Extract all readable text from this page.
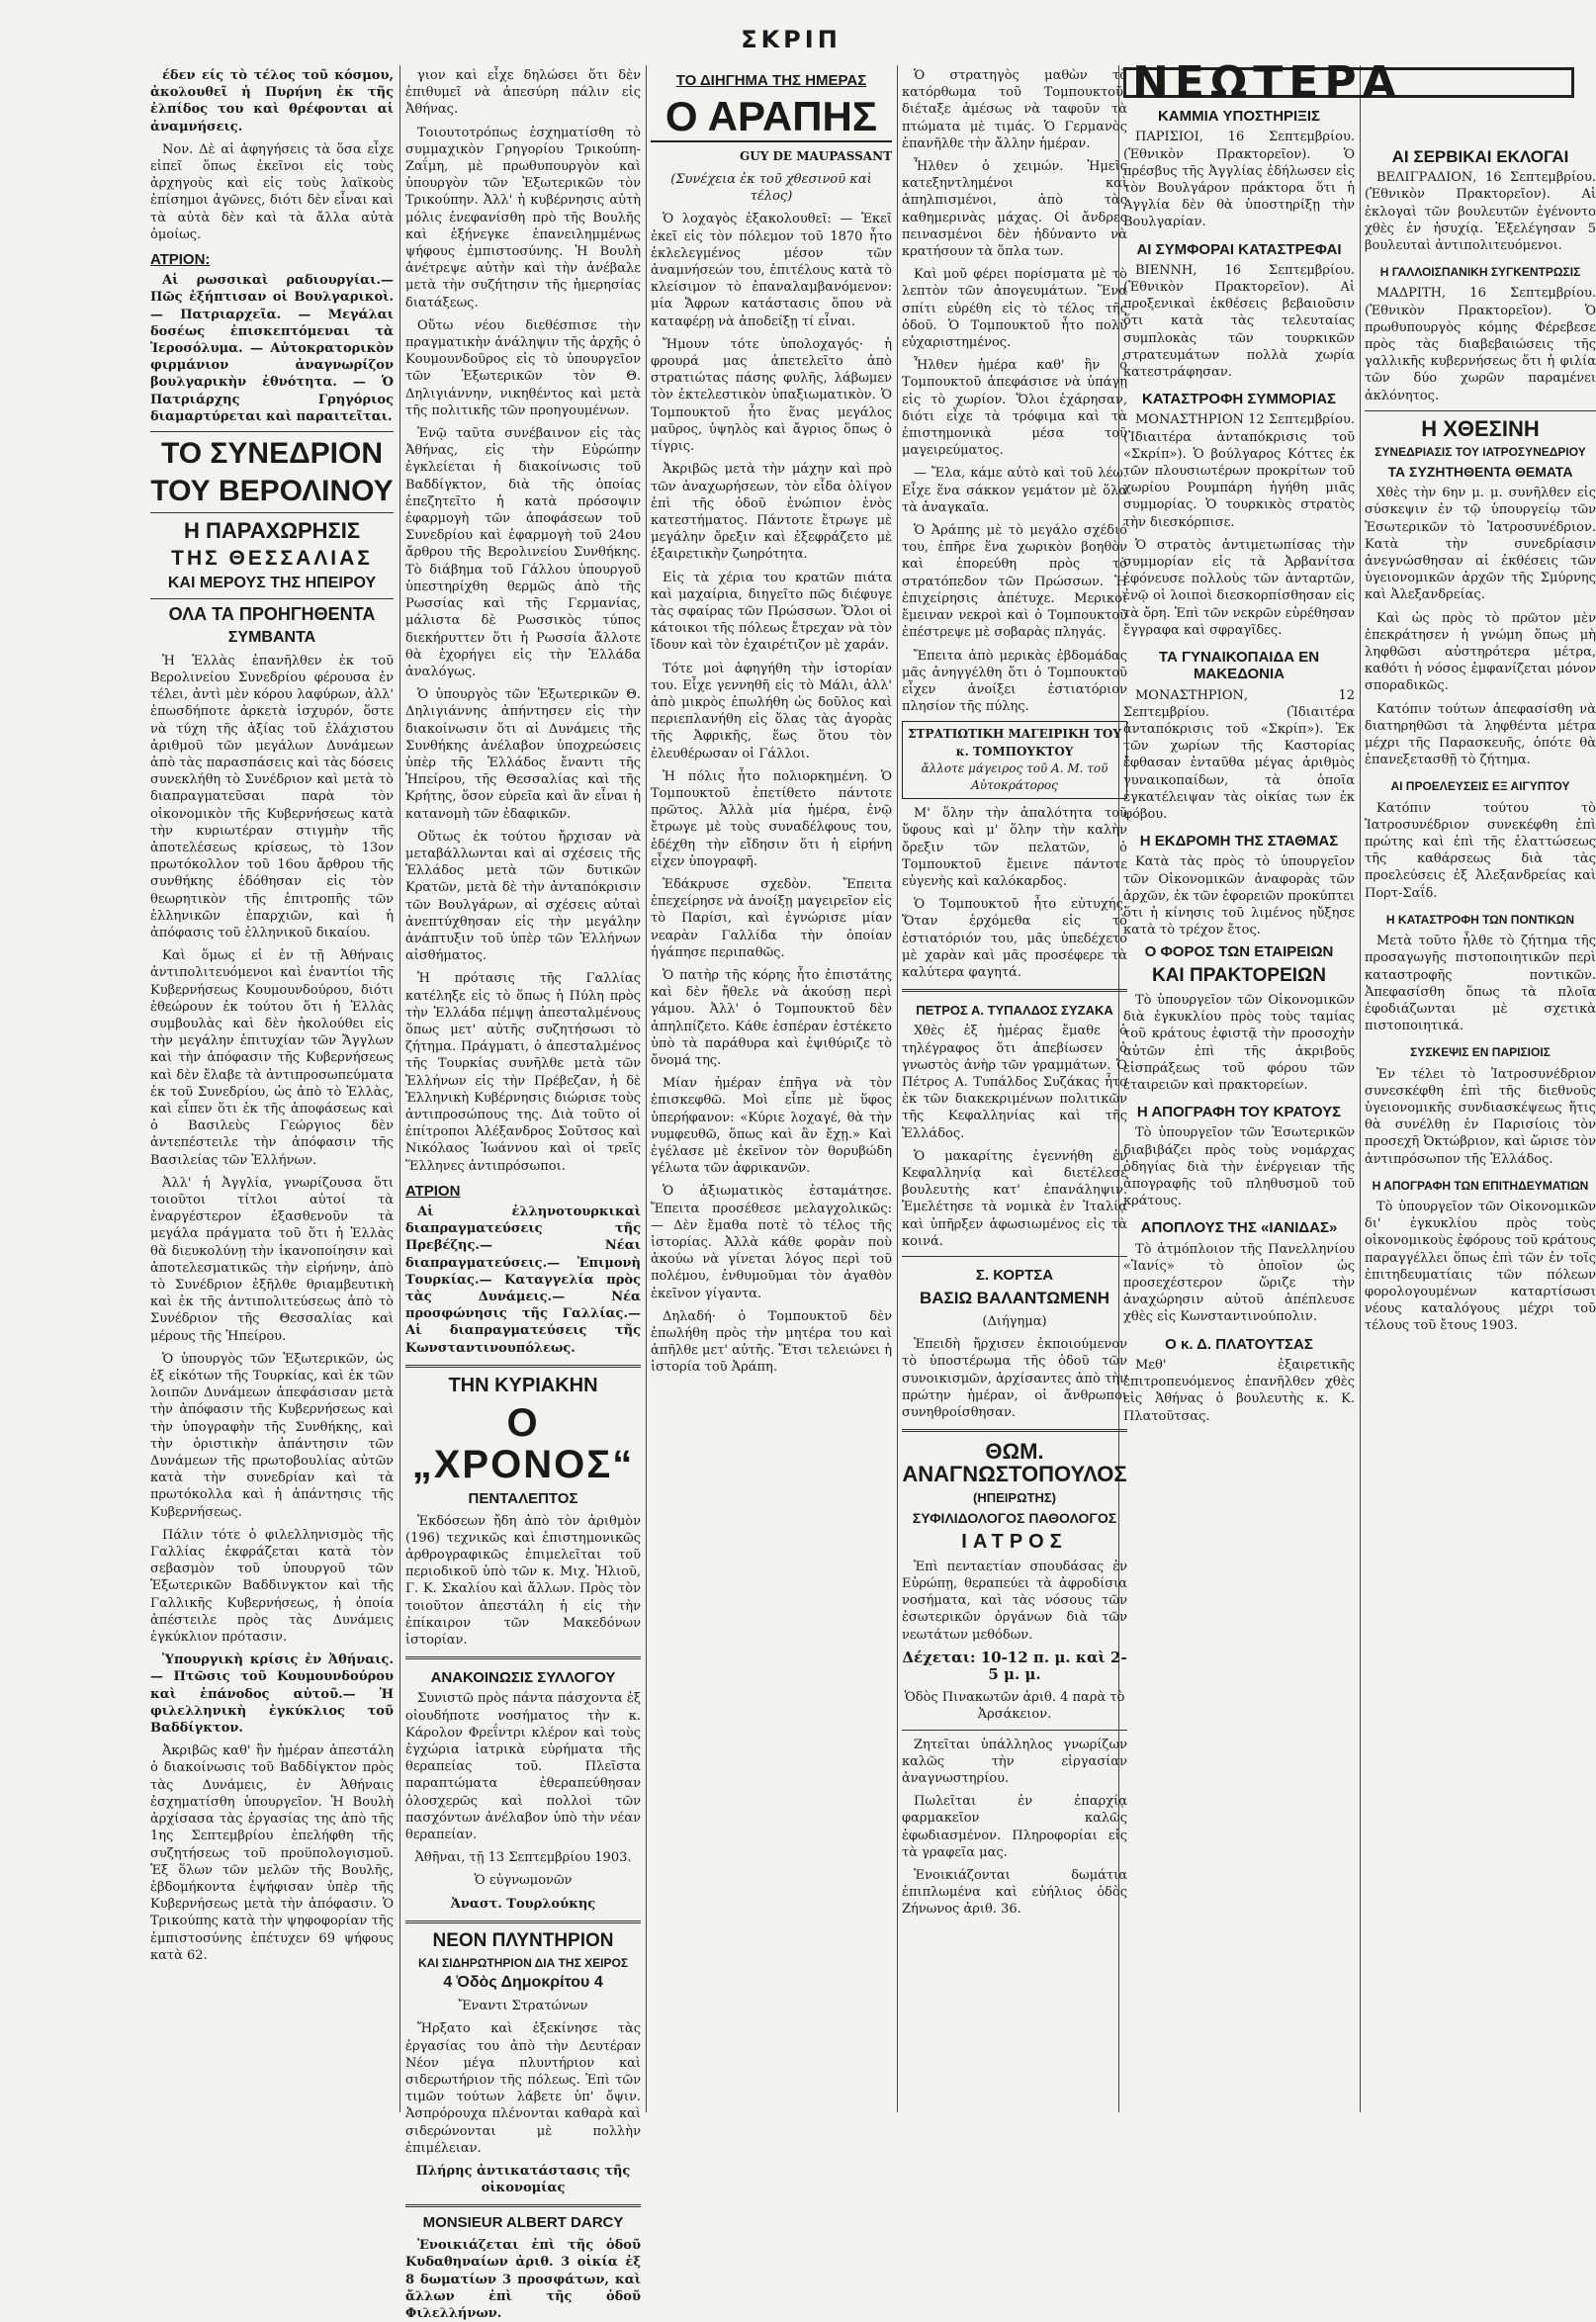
ΣΚΡΙΠ

έδεν είς τὸ τέλος τοῦ κόσμου, ἀκολουθεῖ ἡ Πυρήνη ἐκ τῆς ἐλπίδος του καὶ θρέφονται αἱ ἀναμνήσεις.

Νον. Δὲ αἱ ἀφηγήσεις τὰ ὅσα εἶχε εἰπεῖ ὅπως ἐκεῖνοι εἰς τοὺς ἀρχηγοὺς καὶ εἰς τοὺς λαϊκοὺς ἐπίσημοι ἀγῶνες, διότι δὲν εἶναι καὶ τὰ αὐτὰ δὲν καὶ τὰ ἄλλα αὐτὰ ὁμοίως.

ΑΤΡΙΟΝ:

Αἱ ρωσσικαὶ ραδιουργίαι.— Πῶς ἐξήπτισαν οἱ Βουλγαρικοὶ. — Πατριαρχεῖα. — Μεγάλαι δοσέως ἐπισκεπτόμεναι τὰ Ἱεροσόλυμα. — Αὐτοκρατορικὸν φιρμάνιον ἀναγνωρίζον βουλγαρικὴν ἐθνότητα. — Ὁ Πατριάρχης Γρηγόριος διαμαρτύρεται καὶ παραιτεῖται.

ΤΟ ΣΥΝΕΔΡΙΟΝ
ΤΟΥ ΒΕΡΟΛΙΝΟΥ
Η ΠΑΡΑΧΩΡΗΣΙΣ
ΤΗΣ ΘΕΣΣΑΛΙΑΣ
ΚΑΙ ΜΕΡΟΥΣ ΤΗΣ ΗΠΕΙΡΟΥ
ΟΛΑ ΤΑ ΠΡΟΗΓΗΘΕΝΤΑ
ΣΥΜΒΑΝΤΑ

Ἡ Ἑλλὰς ἐπανῆλθεν ἐκ τοῦ Βερολινείου Συνεδρίου φέρουσα ἐν τέλει, ἀντὶ μὲν κόρου λαφύρων, ἀλλ' ἐπωσδήποτε ἀρκετὰ ἰσχυρόν, ὅστε νὰ τύχη τῆς ἀξίας τοῦ ἐλάχιστου ἀριθμοῦ τῶν μεγάλων Δυνάμεων ἀπὸ τὰς παρασπάσεις καὶ τὰς δόσεις συνεκλήθη τὸ Συνέδριον καὶ μετὰ τὸ διαπραγματεῦσαι παρὰ τὸν οἰκονομικὸν τῆς Κυβερνήσεως κατὰ τὴν κυριωτέραν στιγμὴν τῆς ἀποτελέσεως κρίσεως, τὸ 13ον πρωτόκολλον τοῦ 16ου ἄρθρου τῆς συνθήκης ἐδόθησαν εἰς τὸν θεωρητικὸν τῆς ἐπιτροπῆς τῶν ἑλληνικῶν ἐπαρχιῶν, καὶ ἡ ἀπόφασις τοῦ ἐλληνικοῦ δικαίου.

Καὶ ὅμως εἰ ἐν τῇ Ἀθήναις ἀντιπολιτευόμενοι καὶ ἐναντίοι τῆς Κυβερνήσεως Κουμουνδούρου, διότι ἐθεώρουν ἐκ τούτου ὅτι ἡ Ἑλλὰς συμβουλὰς καὶ δὲν ἠκολούθει εἰς τὴν μεγάλην ἐπιτυχίαν τῶν Ἄγγλων καὶ τὴν ἀπόφασιν τῆς Κυβερνήσεως καὶ δὲν ἔλαβε τὰ ἀντιπροσωπεύματα ἐκ τοῦ Συνεδρίου, ὡς ἀπὸ τὸ Ἑλλὰς, καὶ εἶπεν ὅτι ἐκ τῆς ἀποφάσεως καὶ ὁ Βασιλεὺς Γεώργιος δὲν ἀντεπέστειλε τὴν ἀπόφασιν τῆς Βασιλείας τῶν Ἑλλήνων.

Ἀλλ' ἡ Ἀγγλία, γνωρίζουσα ὅτι τοιοῦτοι τίτλοι αὐτοί τὰ ἐναργέστερον ἐξασθενοῦν τὰ μεγάλα πράγματα τοῦ ὅτι ἡ Ἑλλὰς θὰ διευκολύνῃ τὴν ἱκανοποίησιν καὶ ἀποτελεσματικῶς τὴν εἰρήνην, ἀπὸ τὸ Συνέδριον ἐξῆλθε θριαμβευτικὴ καὶ ἐκ τῆς ἀντιπολιτεύσεως ἀπὸ τὸ Συνέδριον τῆς Θεσσαλίας καὶ μέρους τῆς Ἠπείρου.

Ὁ ὑπουργὸς τῶν Ἐξωτερικῶν, ὡς ἐξ εἰκότων τῆς Τουρκίας, καὶ ἐκ τῶν λοιπῶν Δυνάμεων ἀπεφάσισαν μετὰ τὴν ἀπόφασιν τῆς Κυβερνήσεως καὶ τὴν ὑπογραφὴν τῆς Συνθήκης, καὶ τὴν ὁριστικὴν ἀπάντησιν τῶν Δυνάμεων τῆς πρωτοβουλίας αὐτῶν κατὰ τὴν συνεδρίαν καὶ τὰ πρωτόκολλα καὶ ἡ ἀπάντησις τῆς Κυβερνήσεως.

Πάλιν τότε ὁ φιλελληνισμὸς τῆς Γαλλίας ἐκφράζεται κατὰ τὸν σεβασμὸν τοῦ ὑπουργοῦ τῶν Ἐξωτερικῶν Βαδδινγκτον καὶ τῆς Γαλλικῆς Κυβερνήσεως, ἡ ὁποία ἀπέστειλε πρὸς τὰς Δυνάμεις ἐγκύκλιον πρότασιν.

Ὑπουργικὴ κρίσις ἐν Ἀθήναις.— Πτῶσις τοῦ Κουμουνδούρου καὶ ἐπάνοδος αὐτοῦ.— Ἡ φιλελληνικὴ ἐγκύκλιος τοῦ Βαδδίγκτον.

Ἀκριβῶς καθ' ἣν ἡμέραν ἀπεστάλη ὁ διακοίνωσις τοῦ Βαδδίγκτον πρὸς τὰς Δυνάμεις, ἐν Ἀθήναις ἐσχηματίσθη ὑπουργεῖον. Ἡ Βουλὴ ἀρχίσασα τὰς ἐργασίας της ἀπὸ τῆς 1ης Σεπτεμβρίου ἐπελήφθη τῆς συζητήσεως τοῦ προϋπολογισμοῦ. Ἐξ ὅλων τῶν μελῶν τῆς Βουλῆς, ἑβδομήκοντα ἐψήφισαν ὑπὲρ τῆς Κυβερνήσεως μετὰ τὴν ἀπόφασιν. Ὁ Τρικούπης κατὰ τὴν ψηφοφορίαν τῆς ἐμπιστοσύνης ἐπέτυχεν 69 ψήφους κατὰ 62.

γιον καὶ εἶχε δηλώσει ὅτι δὲν ἐπιθυμεῖ νὰ ἀπεσύρη πάλιν εἰς Ἀθήνας.

Τοιουτοτρόπως ἐσχηματίσθη τὸ συμμαχικὸν Γρηγορίου Τρικούπη-Ζαΐμη, μὲ πρωθυπουργὸν καὶ ὑπουργὸν τῶν Ἐξωτερικῶν τὸν Τρικούπην. Ἀλλ' ἡ κυβέρνησις αὐτὴ μόλις ἐνεφανίσθη πρὸ τῆς Βουλῆς καὶ ἐξήνεγκε ἐπανειλημμένως ψήφους ἐμπιστοσύνης. Ἡ Βουλὴ ἀνέτρεψε αὐτὴν καὶ τὴν ἀνέβαλε μετὰ τὴν συζήτησιν τῆς ἡμερησίας διατάξεως.

Οὕτω νέου διεθέσπισε τὴν πραγματικὴν ἀνάληψιν τῆς ἀρχῆς ὁ Κουμουνδοῦρος εἰς τὸ ὑπουργεῖον τῶν Ἐξωτερικῶν τὸν Θ. Δηλιγιάννην, νικηθέντος καὶ μετὰ τῆς πολιτικῆς τῶν προηγουμένων.

Ἐνῷ ταῦτα συνέβαινον εἰς τὰς Ἀθήνας, εἰς τὴν Εὐρώπην ἐγκλείεται ἡ διακοίνωσις τοῦ Βαδδίγκτον, διὰ τῆς ὁποίας ἐπεζητεῖτο ἡ κατὰ πρόσοψιν ἐφαρμογὴ τῶν ἀποφάσεων τοῦ Συνεδρίου καὶ ἐφαρμογὴ τοῦ 24ου ἄρθρου τῆς Βερολινείου Συνθήκης. Τὸ διάβημα τοῦ Γάλλου ὑπουργοῦ ὑπεστηρίχθη θερμῶς ἀπὸ τῆς Ρωσσίας καὶ τῆς Γερμανίας, μάλιστα δὲ Ρωσσικὸς τύπος διεκήρυττεν ὅτι ἡ Ρωσσία ἄλλοτε θὰ ἐχορήγει εἰς τὴν Ἑλλάδα ἀναλόγως.

Ὁ ὑπουργὸς τῶν Ἐξωτερικῶν Θ. Δηλιγιάννης ἀπήντησεν εἰς τὴν διακοίνωσιν ὅτι αἱ Δυνάμεις τῆς Συνθήκης ἀνέλαβον ὑποχρεώσεις ὑπὲρ τῆς Ἑλλάδος ἔναντι τῆς Ἡπείρου, τῆς Θεσσαλίας καὶ τῆς Κρήτης, ὅσον εὐρεῖα καὶ ἂν εἶναι ἡ κατανομὴ τῶν ἐδαφικῶν.

Οὕτως ἐκ τούτου ἤρχισαν νὰ μεταβάλλωνται καὶ αἱ σχέσεις τῆς Ἑλλάδος μετὰ τῶν δυτικῶν Κρατῶν, μετὰ δὲ τὴν ἀνταπόκρισιν τῶν Βουλγάρων, αἱ σχέσεις αὐταὶ ἀνεπτύχθησαν εἰς τὴν μεγάλην ἀνάπτυξιν τοῦ ὑπὲρ τῶν Ἑλλήνων αἰσθήματος.

Ἡ πρότασις τῆς Γαλλίας κατέληξε εἰς τὸ ὅπως ἡ Πύλη πρὸς τὴν Ἑλλάδα πέμψῃ ἀπεσταλμένους ὅπως μετ' αὐτῆς συζητήσωσι τὸ ζήτημα. Πράγματι, ὁ ἀπεσταλμένος τῆς Τουρκίας συνῆλθε μετὰ τῶν Ἑλλήνων εἰς τὴν Πρέβεζαν, ἡ δὲ Ἑλληνικὴ Κυβέρνησις διώρισε τοὺς ἀντιπροσώπους της. Διὰ τοῦτο οἱ ἐπίτροποι Ἀλέξανδρος Σοῦτσος καὶ Νικόλαος Ἰωάννου καὶ οἱ τρεῖς Ἕλληνες ἀντιπρόσωποι.

ΑΤΡΙΟΝ

Αἱ ἑλληνοτουρκικαὶ διαπραγματεύσεις τῆς Πρεβέζης.— Νέαι διαπραγματεύσεις.— Ἐπιμονὴ Τουρκίας.— Καταγγελία πρὸς τὰς Δυνάμεις.— Νέα προσφώνησις τῆς Γαλλίας.— Αἱ διαπραγματεύσεις τῆς Κωνσταντινουπόλεως.

ΤΗΝ ΚΥΡΙΑΚΗΝ
Ο „ΧΡΟΝΟΣ“
ΠΕΝΤΑΛΕΠΤΟΣ

Ἐκδόσεων ἤδη ἀπὸ τὸν ἀριθμὸν (196) τεχνικῶς καὶ ἐπιστημονικῶς ἀρθρογραφικῶς ἐπιμελεῖται τοῦ περιοδικοῦ ὑπὸ τῶν κ. Μιχ. Ἠλιοῦ, Γ. Κ. Σκαλίου καὶ ἄλλων. Πρὸς τὸν τοιοῦτον ἀπεστάλη ἡ εἰς τὴν ἐπίκαιρον τῶν Μακεδόνων ἱστορίαν.

ΑΝΑΚΟΙΝΩΣΙΣ ΣΥΛΛΟΓΟΥ

Συνιστῶ πρὸς πάντα πάσχοντα ἐξ οἱουδήποτε νοσήματος τὴν κ. Κάρολον Φρεΐντρι κλέρον καὶ τοὺς ἐγχώρια ἰατρικὰ εὐρήματα τῆς θεραπείας τοῦ. Πλεῖστα παραπτώματα ἐθεραπεύθησαν ὁλοσχερῶς καὶ πολλοὶ τῶν πασχόντων ἀνέλαβον ὑπὸ τὴν νέαν θεραπείαν.

Ἀθῆναι, τῇ 13 Σεπτεμβρίου 1903.

Ὁ εὐγνωμονῶν

Ἀναστ. Τουρλούκης

ΝΕΟΝ ΠΛΥΝΤΗΡΙΟΝ
ΚΑΙ ΣΙΔΗΡΩΤΗΡΙΟΝ ΔΙΑ ΤΗΣ ΧΕΙΡΟΣ
4 Ὁδὸς Δημοκρίτου 4

Ἔναντι Στρατώνων

Ἤρξατο καὶ ἐξεκίνησε τὰς ἐργασίας του ἀπὸ τὴν Δευτέραν Νέον μέγα πλυντήριον καὶ σιδερωτήριον τῆς πόλεως. Ἐπὶ τῶν τιμῶν τούτων λάβετε ὑπ' ὄψιν. Ἀσπρόρουχα πλένονται καθαρὰ καὶ σιδερώνονται μὲ πολλὴν ἐπιμέλειαν.

Πλήρης ἀντικατάστασις τῆς οἰκονομίας

MONSIEUR ALBERT DARCY

Ἐνοικιάζεται ἐπὶ τῆς ὁδοῦ Κυδαθηναίων ἀριθ. 3 οἰκία ἐξ 8 δωματίων 3 προσφάτων, καὶ ἄλλων ἐπὶ τῆς ὁδοῦ Φιλελλήνων.

ΤΟ ΔΙΗΓΗΜΑ ΤΗΣ ΗΜΕΡΑΣ
Ο ΑΡΑΠΗΣ

GUY DE MAUPASSANT

(Συνέχεια ἐκ τοῦ χθεσινοῦ καὶ τέλος)

Ὁ λοχαγὸς ἐξακολουθεῖ: — Ἐκεῖ ἐκεῖ εἰς τὸν πόλεμον τοῦ 1870 ἦτο ἐκλελεγμένος μέσον τῶν ἀναμνήσεών του, ἐπιτέλους κατὰ τὸ κλείσιμον τὸ ἐπαναλαμβανόμενον: μία Ἄφρων κατάστασις ὅπου νὰ καταφέρῃ νὰ ἀποδείξῃ τί εἶναι.

Ἤμουν τότε ὑπολοχαγός· ἡ φρουρά μας ἀπετελεῖτο ἀπὸ στρατιώτας πάσης φυλῆς, λάβωμεν τὸν ἐκτελεστικὸν ὑπαξιωματικὸν. Ὁ Τομπουκτοῦ ἦτο ἕνας μεγάλος μαῦρος, ὑψηλὸς καὶ ἄγριος ὅπως ὁ τίγρις.

Ἀκριβῶς μετὰ τὴν μάχην καὶ πρὸ τῶν ἀναχωρήσεων, τὸν εἶδα ὁλίγον ἐπὶ τῆς ὁδοῦ ἐνώπιον ἑνὸς κατεστήματος. Πάντοτε ἔτρωγε μὲ μεγάλην ὄρεξιν καὶ ἐξεφράζετο μὲ ἐξαιρετικὴν ζωηρότητα.

Εἰς τὰ χέρια του κρατῶν πιάτα καὶ μαχαίρια, διηγεῖτο πῶς διέφυγε τὰς σφαίρας τῶν Πρώσσων. Ὅλοι οἱ κάτοικοι τῆς πόλεως ἔτρεχαν νὰ τὸν ἴδουν καὶ τὸν ἐχαιρέτιζον μὲ χαράν.

Τότε μοὶ ἀφηγήθη τὴν ἱστορίαν του. Εἶχε γεννηθῆ εἰς τὸ Μάλι, ἀλλ' ἀπὸ μικρὸς ἐπωλήθη ὡς δοῦλος καὶ περιεπλανήθη εἰς ὅλας τὰς ἀγορὰς τῆς Ἀφρικῆς, ἕως ὅτου τὸν ἐλευθέρωσαν οἱ Γάλλοι.

Ἡ πόλις ἦτο πολιορκημένη. Ὁ Τομπουκτοῦ ἐπετίθετο πάντοτε πρῶτος. Ἀλλὰ μία ἡμέρα, ἐνῷ ἔτρωγε μὲ τοὺς συναδέλφους του, ἐδέχθη τὴν εἴδησιν ὅτι ἡ εἰρήνη εἶχεν ὑπογραφῆ.

Ἐδάκρυσε σχεδὸν. Ἔπειτα ἐπεχείρησε νὰ ἀνοίξῃ μαγειρεῖον εἰς τὸ Παρίσι, καὶ ἐγνώρισε μίαν νεαρὰν Γαλλίδα τὴν ὁποίαν ἠγάπησε περιπαθῶς.

Ὁ πατὴρ τῆς κόρης ἦτο ἐπιστάτης καὶ δὲν ἤθελε νὰ ἀκούσῃ περὶ γάμου. Ἀλλ' ὁ Τομπουκτοῦ δὲν ἀπηλπίζετο. Κάθε ἑσπέραν ἐστέκετο ὑπὸ τὰ παράθυρα καὶ ἐψιθύριζε τὸ ὄνομά της.

Μίαν ἡμέραν ἐπῆγα νὰ τὸν ἐπισκεφθῶ. Μοὶ εἶπε μὲ ὕφος ὑπερήφανον: «Κύριε λοχαγέ, θὰ τὴν νυμφευθῶ, ὅπως καὶ ἂν ἔχῃ.» Καὶ ἐγέλασε μὲ ἐκεῖνον τὸν θορυβώδη γέλωτα τῶν ἀφρικανῶν.

Ὁ ἀξιωματικὸς ἐσταμάτησε. Ἔπειτα προσέθεσε μελαγχολικῶς: — Δὲν ἔμαθα ποτὲ τὸ τέλος τῆς ἱστορίας. Ἀλλὰ κάθε φορὰν ποὺ ἀκούω νὰ γίνεται λόγος περὶ τοῦ πολέμου, ἐνθυμοῦμαι τὸν ἀγαθὸν ἐκεῖνον γίγαντα.

Δηλαδή· ὁ Τομπουκτοῦ δὲν ἐπωλήθη πρὸς τὴν μητέρα του καὶ ἀπῆλθε μετ' αὐτῆς. Ἔτσι τελειώνει ἡ ἱστορία τοῦ Ἀράπη.

Ὁ στρατηγὸς μαθὼν τὸ κατόρθωμα τοῦ Τομπουκτοῦ, διέταξε ἀμέσως νὰ ταφοῦν τὰ πτώματα μὲ τιμάς. Ὁ Γερμανὸς ἐπανῆλθε τὴν ἄλλην ἡμέραν.

Ἦλθεν ὁ χειμών. Ἡμεῖς κατεξηντλημένοι καὶ ἀπηλπισμένοι, ἀπὸ τὰς καθημερινὰς μάχας. Οἱ ἄνδρες πεινασμένοι δὲν ἠδύναντο νὰ κρατήσουν τὰ ὅπλα των.

Καὶ μοῦ φέρει πορίσματα μὲ τὸ λεπτὸν τῶν ἀπογευμάτων. Ἕνα σπίτι εὑρέθη εἰς τὸ τέλος τῆς ὁδοῦ. Ὁ Τομπουκτοῦ ἦτο πολὺ εὐχαριστημένος.

Ἦλθεν ἡμέρα καθ' ἣν ὁ Τομπουκτοῦ ἀπεφάσισε νὰ ὑπάγῃ εἰς τὸ χωρίον. Ὅλοι ἐχάρησαν, διότι εἶχε τὰ τρόφιμα καὶ τὰ ἐπιστημονικὰ μέσα τοῦ μαγειρεύματος.

— Ἔλα, κάμε αὐτὸ καὶ τοῦ λέω. Εἶχε ἕνα σάκκον γεμάτον μὲ ὅλα τὰ ἀναγκαῖα.

Ὁ Ἀράπης μὲ τὸ μεγάλο σχέδιό του, ἐπῆρε ἕνα χωρικὸν βοηθὸν καὶ ἐπορεύθη πρὸς τὸ στρατόπεδον τῶν Πρώσσων. Ἡ ἐπιχείρησις ἀπέτυχε. Μερικοὶ ἔμειναν νεκροὶ καὶ ὁ Τομπουκτοῦ ἐπέστρεψε μὲ σοβαρὰς πληγάς.

Ἔπειτα ἀπὸ μερικὰς ἑβδομάδας μᾶς ἀνηγγέλθη ὅτι ὁ Τομπουκτοῦ εἶχεν ἀνοίξει ἐστιατόριον πλησίον τῆς πύλης.

ΣΤΡΑΤΙΩΤΙΚΗ ΜΑΓΕΙΡΙΚΗ ΤΟΥ κ. ΤΟΜΠΟΥΚΤΟΥ
ἄλλοτε μάγειρος τοῦ Α. Μ. τοῦ Αὐτοκράτορος

Μ' ὅλην τὴν ἀπαλότητα τοῦ ὕφους καὶ μ' ὅλην τὴν καλὴν ὄρεξιν τῶν πελατῶν, ὁ Τομπουκτοῦ ἔμεινε πάντοτε εὐγενὴς καὶ καλόκαρδος.

Ὁ Τομπουκτοῦ ἦτο εὐτυχής. Ὅταν ἐρχόμεθα εἰς τὸ ἐστιατόριόν του, μᾶς ὑπεδέχετο μὲ χαρὰν καὶ μᾶς προσέφερε τὰ καλύτερα φαγητά.

ΠΕΤΡΟΣ Α. ΤΥΠΑΛΔΟΣ ΣΥΖΑΚΑ

Χθὲς ἐξ ἡμέρας ἔμαθε ὁ τηλέγραφος ὅτι ἀπεβίωσεν ὁ γνωστὸς ἀνὴρ τῶν γραμμάτων. Ὁ Πέτρος Α. Τυπάλδος Συζάκας ἦτο ἐκ τῶν διακεκριμένων πολιτικῶν τῆς Κεφαλληνίας καὶ τῆς Ἑλλάδος.

Ὁ μακαρίτης ἐγεννήθη ἐν Κεφαλληνίᾳ καὶ διετέλεσε βουλευτὴς κατ' ἐπανάληψιν. Ἐμελέτησε τὰ νομικὰ ἐν Ἰταλίᾳ καὶ ὑπῆρξεν ἀφωσιωμένος εἰς τὰ κοινά.

Σ. ΚΟΡΤΣΑ
ΒΑΣΙΩ ΒΑΛΑΝΤΩΜΕΝΗ

(Διήγημα)

Ἐπειδὴ ἤρχισεν ἐκποιούμενον τὸ ὑποστέρωμα τῆς ὁδοῦ τῶν συνοικισμῶν, ἀρχίσαντες ἀπὸ τὴν πρώτην ἡμέραν, οἱ ἄνθρωποι συνηθροίσθησαν.

ΘΩΜ. ΑΝΑΓΝΩΣΤΟΠΟΥΛΟΣ
(ΗΠΕΙΡΩΤΗΣ)
ΣΥΦΙΛΙΔΟΛΟΓΟΣ ΠΑΘΟΛΟΓΟΣ
ΙΑΤΡΟΣ

Ἐπὶ πενταετίαν σπουδάσας ἐν Εὐρώπῃ, θεραπεύει τὰ ἀφροδίσια νοσήματα, καὶ τὰς νόσους τῶν ἐσωτερικῶν ὀργάνων διὰ τῶν νεωτάτων μεθόδων.

Δέχεται: 10-12 π. μ. καὶ 2-5 μ. μ.

Ὁδὸς Πινακωτῶν ἀριθ. 4 παρὰ τὸ Ἀρσάκειον.

Ζητεῖται ὑπάλληλος γνωρίζων καλῶς τὴν εἰργασίαν ἀναγνωστηρίου.

Πωλεῖται ἐν ἐπαρχίᾳ φαρμακεῖον καλῶς ἐφωδιασμένον. Πληροφορίαι εἰς τὰ γραφεῖα μας.

Ἐνοικιάζονται δωμάτια ἐπιπλωμένα καὶ εὐήλιος ὁδὸς Ζήνωνος ἀριθ. 36.

ΝΕΩΤΕΡΑ
ΚΑΜΜΙΑ ΥΠΟΣΤΗΡΙΞΙΣ

ΠΑΡΙΣΙΟΙ, 16 Σεπτεμβρίου. (Ἐθνικὸν Πρακτορεῖον). Ὁ πρέσβυς τῆς Ἀγγλίας ἐδήλωσεν εἰς τὸν Βουλγάρον πράκτορα ὅτι ἡ Ἀγγλία δὲν θὰ ὑποστηρίξῃ τὴν Βουλγαρίαν.

ΑΙ ΣΥΜΦΟΡΑΙ ΚΑΤΑΣΤΡΕΦΑΙ

ΒΙΕΝΝΗ, 16 Σεπτεμβρίου. (Ἐθνικὸν Πρακτορεῖον). Αἱ προξενικαὶ ἐκθέσεις βεβαιοῦσιν ὅτι κατὰ τὰς τελευταίας συμπλοκὰς τῶν τουρκικῶν στρατευμάτων πολλὰ χωρία κατεστράφησαν.

ΚΑΤΑΣΤΡΟΦΗ ΣΥΜΜΟΡΙΑΣ

ΜΟΝΑΣΤΗΡΙΟΝ 12 Σεπτεμβρίου. (Ἰδιαιτέρα ἀνταπόκρισις τοῦ «Σκρίπ»). Ὁ βούλγαρος Κόττες ἐκ τῶν πλουσιωτέρων προκρίτων τοῦ χωρίου Ρουμπάρη ἡγήθη μιᾶς συμμορίας. Ὁ τουρκικὸς στρατὸς τὴν διεσκόρπισε.

Ὁ στρατὸς ἀντιμετωπίσας τὴν συμμορίαν εἰς τὰ Ἀρβανίτσα ἐφόνευσε πολλοὺς τῶν ἀνταρτῶν, ἐνῷ οἱ λοιποὶ διεσκορπίσθησαν εἰς τὰ ὄρη. Ἐπὶ τῶν νεκρῶν εὑρέθησαν ἔγγραφα καὶ σφραγῖδες.

ΤΑ ΓΥΝΑΙΚΟΠΑΙΔΑ ΕΝ ΜΑΚΕΔΟΝΙΑ

ΜΟΝΑΣΤΗΡΙΟΝ, 12 Σεπτεμβρίου. (Ἰδιαιτέρα ἀνταπόκρισις τοῦ «Σκρίπ»). Ἐκ τῶν χωρίων τῆς Καστορίας ἔφθασαν ἐνταῦθα μέγας ἀριθμὸς γυναικοπαίδων, τὰ ὁποῖα ἐγκατέλειψαν τὰς οἰκίας των ἐκ φόβου.

Η ΕΚΔΡΟΜΗ ΤΗΣ ΣΤΑΘΜΑΣ

Κατὰ τὰς πρὸς τὸ ὑπουργεῖον τῶν Οἰκονομικῶν ἀναφορὰς τῶν ἀρχῶν, ἐκ τῶν ἐφορειῶν προκύπτει ὅτι ἡ κίνησις τοῦ λιμένος ηὔξησε κατὰ τὸ τρέχον ἔτος.

Ο ΦΟΡΟΣ ΤΩΝ ΕΤΑΙΡΕΙΩΝ
ΚΑΙ ΠΡΑΚΤΟΡΕΙΩΝ

Τὸ ὑπουργεῖον τῶν Οἰκονομικῶν διὰ ἐγκυκλίου πρὸς τοὺς ταμίας τοῦ κράτους ἐφιστᾷ τὴν προσοχὴν αὐτῶν ἐπὶ τῆς ἀκριβοῦς εἰσπράξεως τοῦ φόρου τῶν ἑταιρειῶν καὶ πρακτορείων.

Η ΑΠΟΓΡΑΦΗ ΤΟΥ ΚΡΑΤΟΥΣ

Τὸ ὑπουργεῖον τῶν Ἐσωτερικῶν διαβιβάζει πρὸς τοὺς νομάρχας ὁδηγίας διὰ τὴν ἐνέργειαν τῆς ἀπογραφῆς τοῦ πληθυσμοῦ τοῦ κράτους.

ΑΠΟΠΛΟΥΣ ΤΗΣ «ΙΑΝΙΔΑΣ»

Τὸ ἀτμόπλοιον τῆς Πανελληνίου «Ἰανίς» τὸ ὁποῖον ὡς προσεχέστερον ὥριζε τὴν ἀναχώρησιν αὐτοῦ ἀπέπλευσε χθὲς εἰς Κωνσταντινούπολιν.

Ο κ. Δ. ΠΛΑΤΟΥΤΣΑΣ

Μεθ' ἐξαιρετικῆς ἐπιτροπευόμενος ἐπανῆλθεν χθὲς εἰς Ἀθήνας ὁ βουλευτὴς κ. Κ. Πλατοῦτσας.

ΑΙ ΣΕΡΒΙΚΑΙ ΕΚΛΟΓΑΙ

ΒΕΛΙΓΡΑΔΙΟΝ, 16 Σεπτεμβρίου. (Ἐθνικὸν Πρακτορεῖον). Αἱ ἐκλογαὶ τῶν βουλευτῶν ἐγένοντο χθὲς ἐν ἡσυχίᾳ. Ἐξελέγησαν 5 βουλευταὶ ἀντιπολιτευόμενοι.

Η ΓΑΛΛΟΙΣΠΑΝΙΚΗ ΣΥΓΚΕΝΤΡΩΣΙΣ

ΜΑΔΡΙΤΗ, 16 Σεπτεμβρίου. (Ἐθνικὸν Πρακτορεῖον). Ὁ πρωθυπουργὸς κόμης Φέρεβεσε πρὸς τὰς διαβεβαιώσεις τῆς γαλλικῆς κυβερνήσεως ὅτι ἡ φιλία τῶν δύο χωρῶν παραμένει ἀκλόνητος.

Η ΧΘΕΣΙΝΗ
ΣΥΝΕΔΡΙΑΣΙΣ ΤΟΥ ΙΑΤΡΟΣΥΝΕΔΡΙΟΥ
ΤΑ ΣΥΖΗΤΗΘΕΝΤΑ ΘΕΜΑΤΑ

Χθὲς τὴν 6ην μ. μ. συνῆλθεν εἰς σύσκεψιν ἐν τῷ ὑπουργείῳ τῶν Ἐσωτερικῶν τὸ Ἰατροσυνέδριον. Κατὰ τὴν συνεδρίασιν ἀνεγνώσθησαν αἱ ἐκθέσεις τῶν ὑγειονομικῶν ἀρχῶν τῆς Σμύρνης καὶ Ἀλεξανδρείας.

Καὶ ὡς πρὸς τὸ πρῶτον μὲν ἐπεκράτησεν ἡ γνώμη ὅπως μὴ ληφθῶσι αὐστηρότερα μέτρα, καθότι ἡ νόσος ἐμφανίζεται μόνον σποραδικῶς.

Κατόπιν τούτων ἀπεφασίσθη νὰ διατηρηθῶσι τὰ ληφθέντα μέτρα μέχρι τῆς Παρασκευῆς, ὁπότε θὰ ἐπανεξετασθῇ τὸ ζήτημα.

ΑΙ ΠΡΟΕΛΕΥΣΕΙΣ ΕΞ ΑΙΓΥΠΤΟΥ

Κατόπιν τούτου τὸ Ἰατροσυνέδριον συνεκέφθη ἐπὶ πρώτης καὶ ἐπὶ τῆς ἐλαττώσεως τῆς καθάρσεως διὰ τὰς προελεύσεις ἐξ Ἀλεξανδρείας καὶ Πορτ-Σαΐδ.

Η ΚΑΤΑΣΤΡΟΦΗ ΤΩΝ ΠΟΝΤΙΚΩΝ

Μετὰ τοῦτο ἦλθε τὸ ζήτημα τῆς προσαγωγῆς πιστοποιητικῶν περὶ καταστροφῆς ποντικῶν. Ἀπεφασίσθη ὅπως τὰ πλοῖα ἐφοδιάζωνται μὲ σχετικὰ πιστοποιητικά.

ΣΥΣΚΕΨΙΣ ΕΝ ΠΑΡΙΣΙΟΙΣ

Ἐν τέλει τὸ Ἰατροσυνέδριον συνεσκέφθη ἐπὶ τῆς διεθνοῦς ὑγειονομικῆς συνδιασκέψεως ἥτις θὰ συνέλθῃ ἐν Παρισίοις τὸν προσεχῆ Ὀκτώβριον, καὶ ὥρισε τὸν ἀντιπρόσωπον τῆς Ἑλλάδος.

Η ΑΠΟΓΡΑΦΗ ΤΩΝ ΕΠΙΤΗΔΕΥΜΑΤΙΩΝ

Τὸ ὑπουργεῖον τῶν Οἰκονομικῶν δι' ἐγκυκλίου πρὸς τοὺς οἰκονομικοὺς ἐφόρους τοῦ κράτους παραγγέλλει ὅπως ἐπὶ τῶν ἐν τοῖς ἐπιτηδευματίαις τῶν πόλεων φορολογουμένων καταρτίσωσι νέους καταλόγους μέχρι τοῦ τέλους τοῦ ἔτους 1903.
